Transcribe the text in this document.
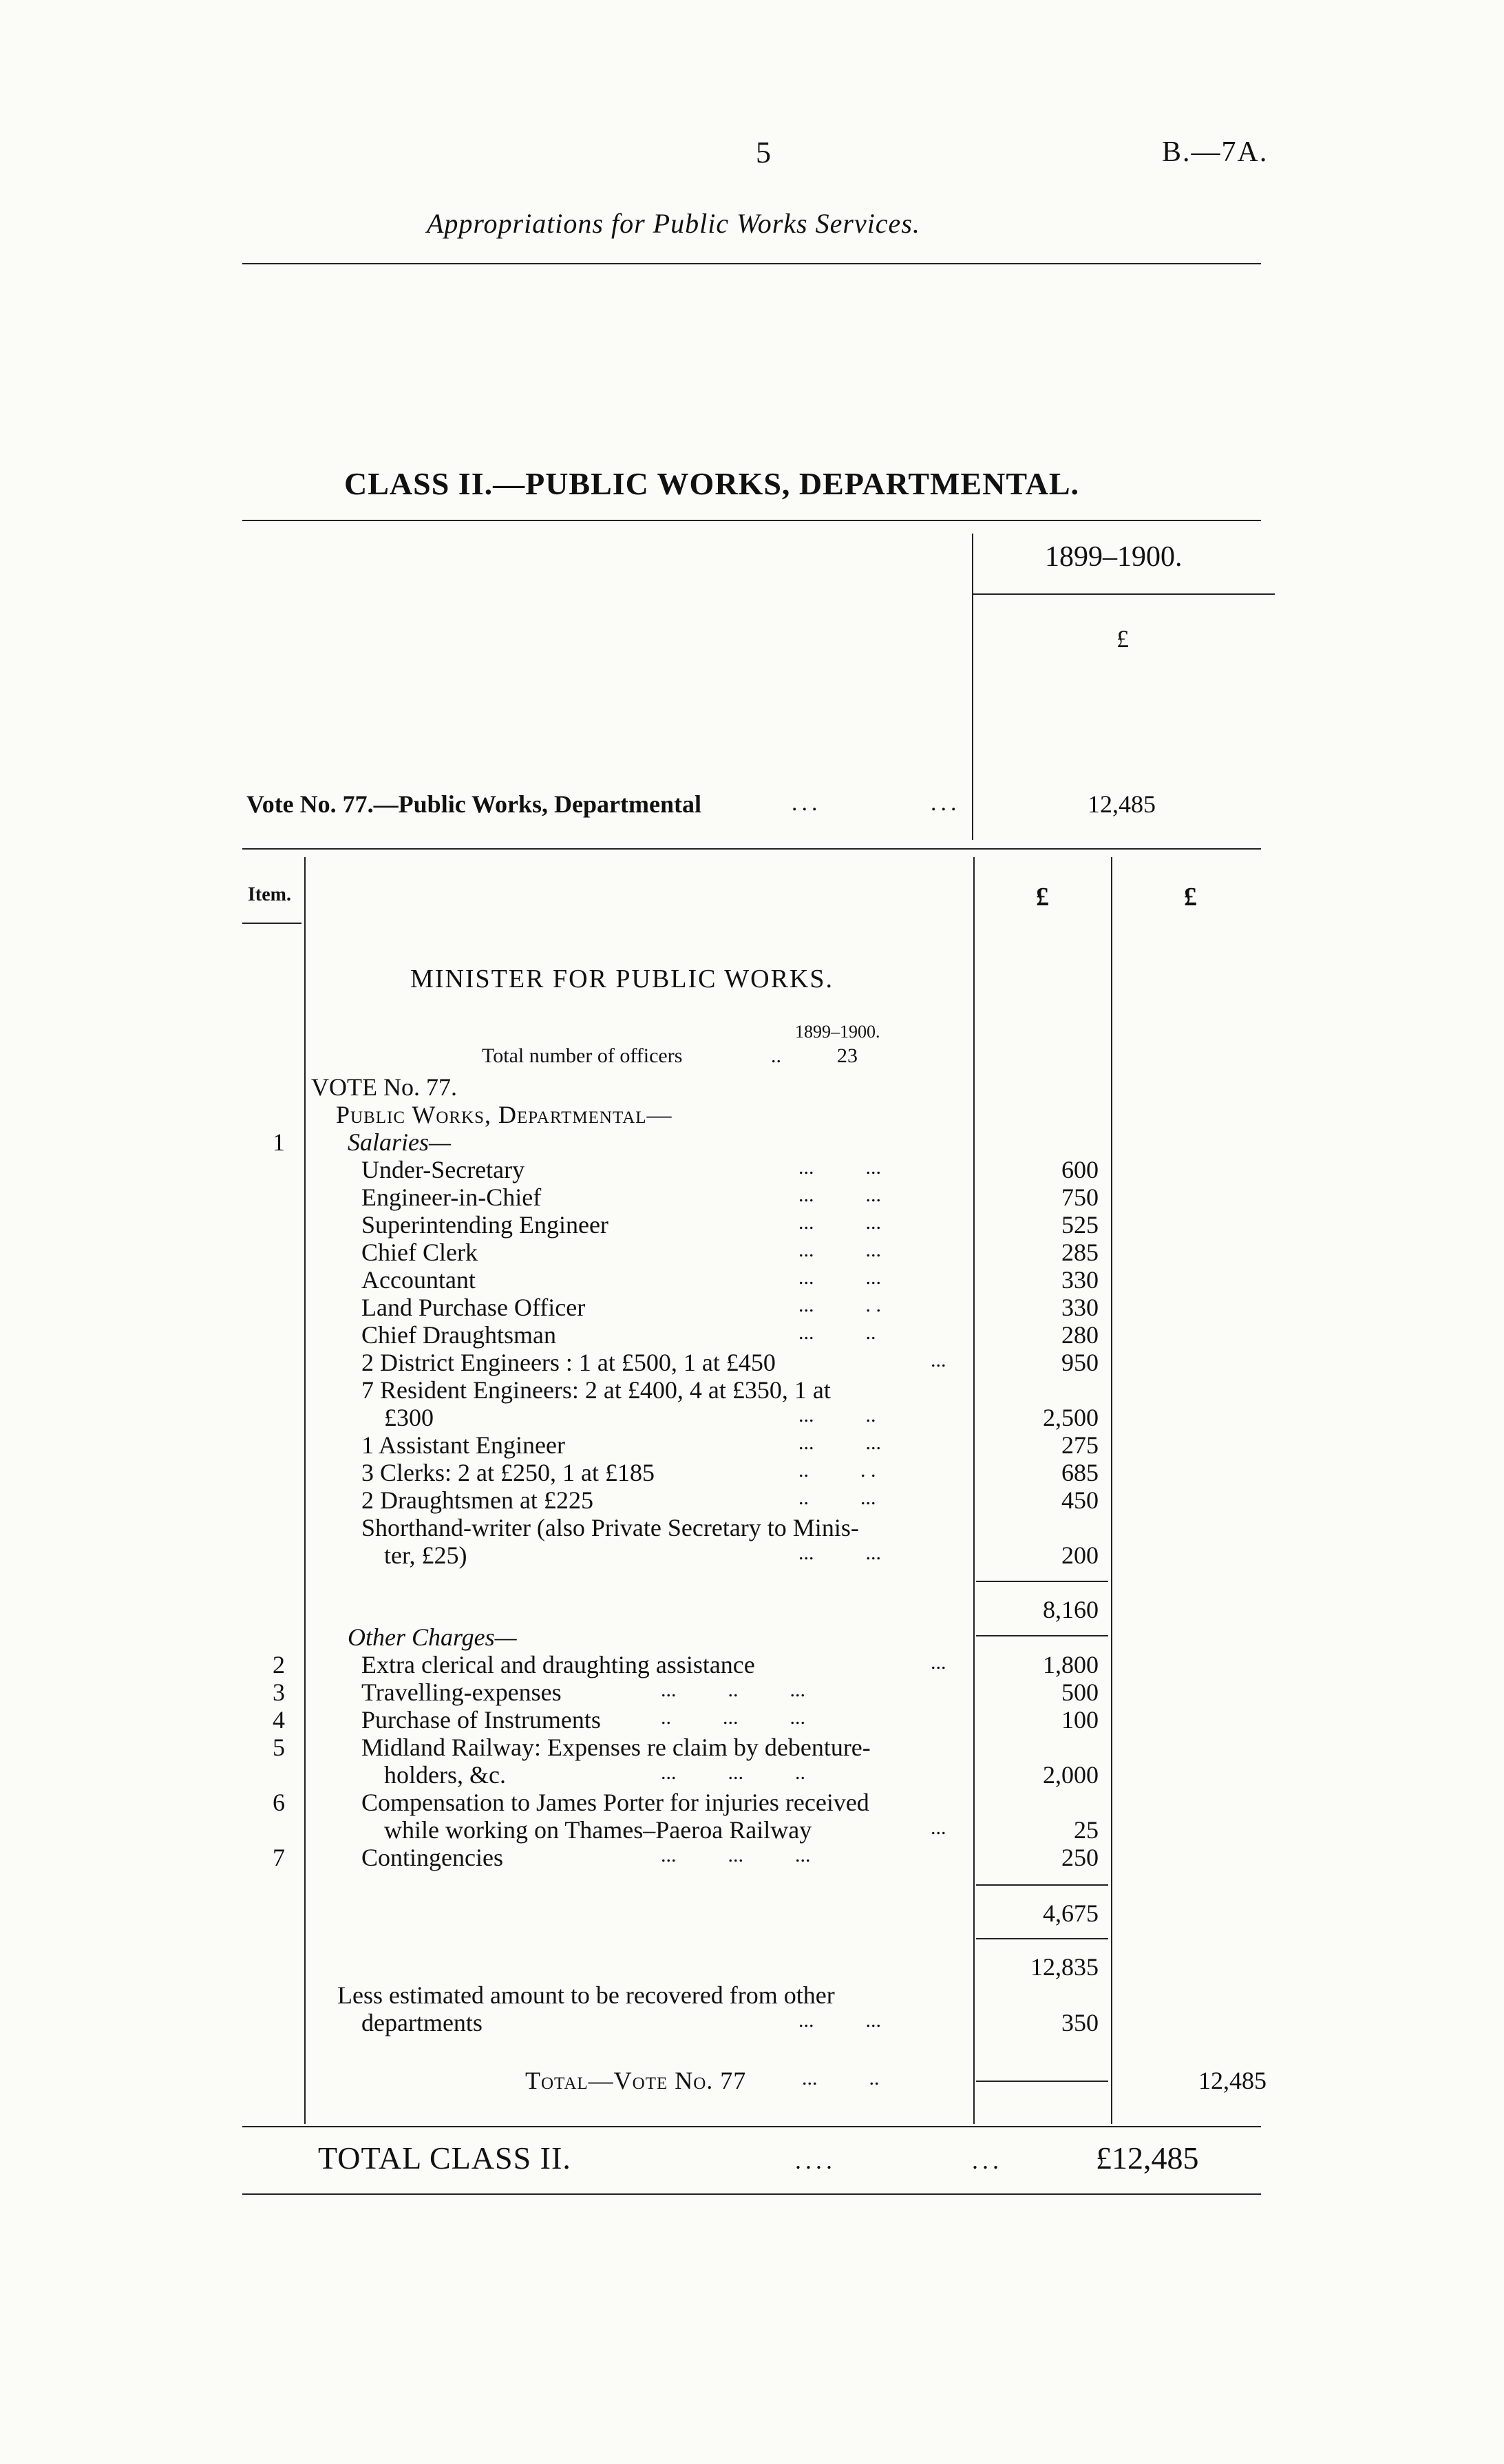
5	B.—7A.
Appropriations for Public Works Services.
CLASS II.—PUBLIC WORKS, DEPARTMENTAL.
1899–1900.
£
Vote No. 77.—Public Works, Departmental	...	...	12,485
Item.	£	£
MINISTER FOR PUBLIC WORKS.
1899–1900.
Total number of officers	..	23
VOTE No. 77.
Public Works, Departmental—
1	Salaries—
Under-Secretary	...          ...	600
Engineer-in-Chief	...          ...	750
Superintending Engineer	...          ...	525
Chief Clerk	...          ...	285
Accountant	...          ...	330
Land Purchase Officer	...          . .	330
Chief Draughtsman	...          ..	280
2 District Engineers : 1 at £500, 1 at £450	...	950
7 Resident Engineers: 2 at £400, 4 at £350, 1 at
£300	...          ..	2,500
1 Assistant Engineer	...          ...	275
3 Clerks: 2 at £250, 1 at £185	..          . .	685
2 Draughtsmen at £225	..          ...	450
Shorthand-writer (also Private Secretary to Minis-
ter, £25)	...          ...	200
8,160
Other Charges—
2	Extra clerical and draughting assistance	...	1,800
3	Travelling-expenses	...          ..          ...	500
4	Purchase of Instruments	..          ...          ...	100
5	Midland Railway: Expenses re claim by debenture-
holders, &c.	...          ...          ..	2,000
6	Compensation to James Porter for injuries received
while working on Thames–Paeroa Railway	...	25
7	Contingencies	...          ...          ...	250
4,675
12,835
Less estimated amount to be recovered from other
departments	...          ...	350
Total—Vote No. 77	...          ..	12,485
TOTAL CLASS II.	....	...	£12,485
